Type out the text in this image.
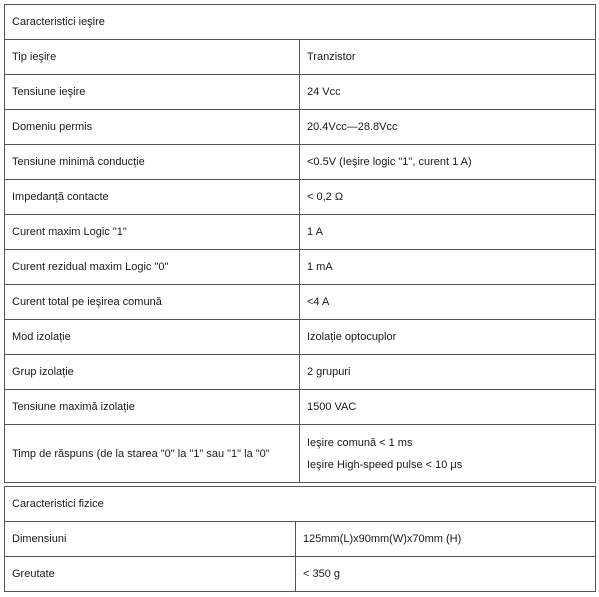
Caracteristici ieşire	
Tip ieşire	Tranzistor
Tensiune ieşire	24 Vcc
Domeniu permis	20.4Vcc—28.8Vcc
Tensiune minimă conducție	<0.5V (Ieşire logic "1", curent 1 A)
Impedanță contacte	< 0,2 Ω
Curent maxim Logic "1"	1 A
Curent rezidual maxim Logic "0"	1 mA
Curent total pe ieşirea comună	<4 A
Mod izolație	Izolație optocuplor
Grup izolație	2 grupuri
Tensiune maximă izolație	1500 VAC
Timp de răspuns (de la starea "0" la "1" sau "1" la "0"	Ieşire comună < 1 ms
Ieşire High-speed pulse < 10 μs
Caracteristici fizice	
Dimensiuni	125mm(L)x90mm(W)x70mm (H)
Greutate	< 350 g
